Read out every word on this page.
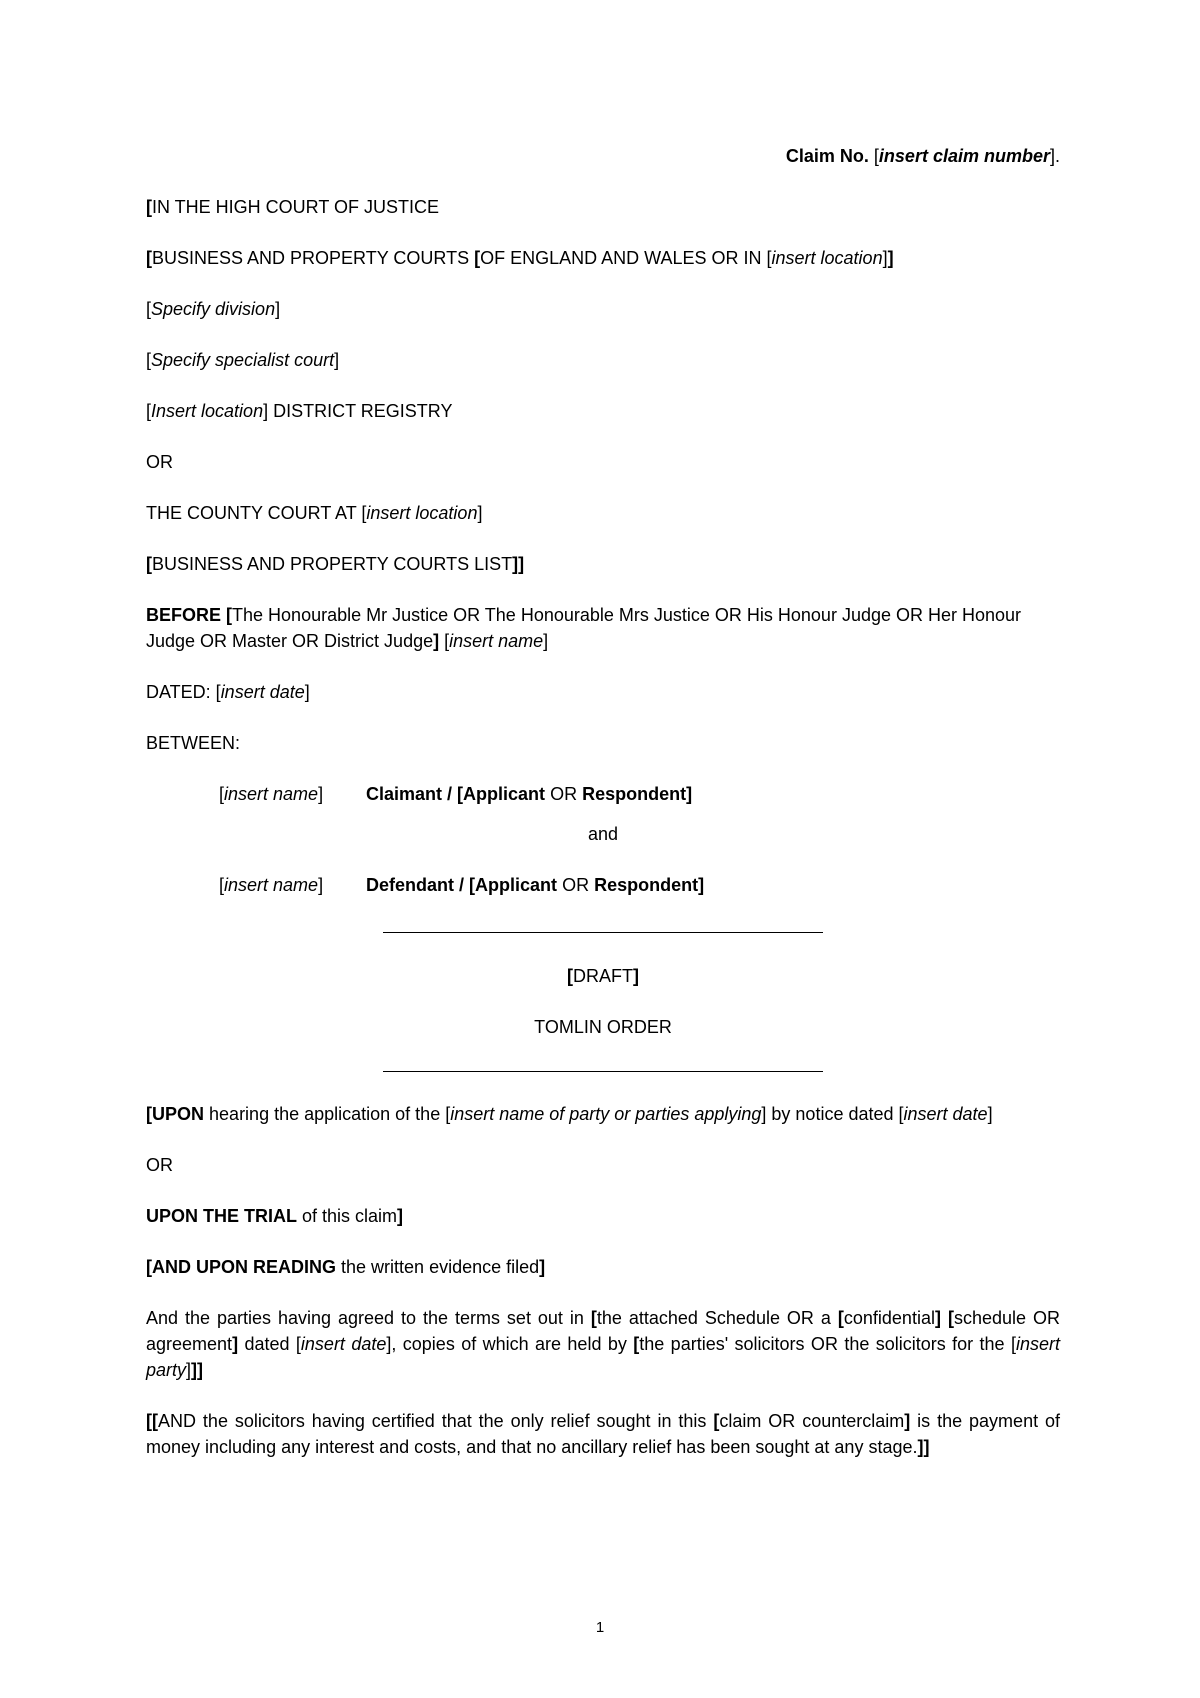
Claim No. [insert claim number].

[IN THE HIGH COURT OF JUSTICE

[BUSINESS AND PROPERTY COURTS [OF ENGLAND AND WALES OR IN [insert location]]

[Specify division]

[Specify specialist court]

[Insert location] DISTRICT REGISTRY

OR

THE COUNTY COURT AT [insert location]

[BUSINESS AND PROPERTY COURTS LIST]]

BEFORE [The Honourable Mr Justice OR The Honourable Mrs Justice OR His Honour Judge OR Her Honour Judge OR Master OR District Judge] [insert name]

DATED: [insert date]

BETWEEN:

[insert name]	Claimant / [Applicant OR Respondent]

and

[insert name]	Defendant / [Applicant OR Respondent]

[DRAFT]

TOMLIN ORDER

[UPON hearing the application of the [insert name of party or parties applying] by notice dated [insert date]

OR

UPON THE TRIAL of this claim]

[AND UPON READING the written evidence filed]

And the parties having agreed to the terms set out in [the attached Schedule OR a [confidential] [schedule OR agreement] dated [insert date], copies of which are held by [the parties' solicitors OR the solicitors for the [insert party]]]

[[AND the solicitors having certified that the only relief sought in this [claim OR counterclaim] is the payment of money including any interest and costs, and that no ancillary relief has been sought at any stage.]]

1
